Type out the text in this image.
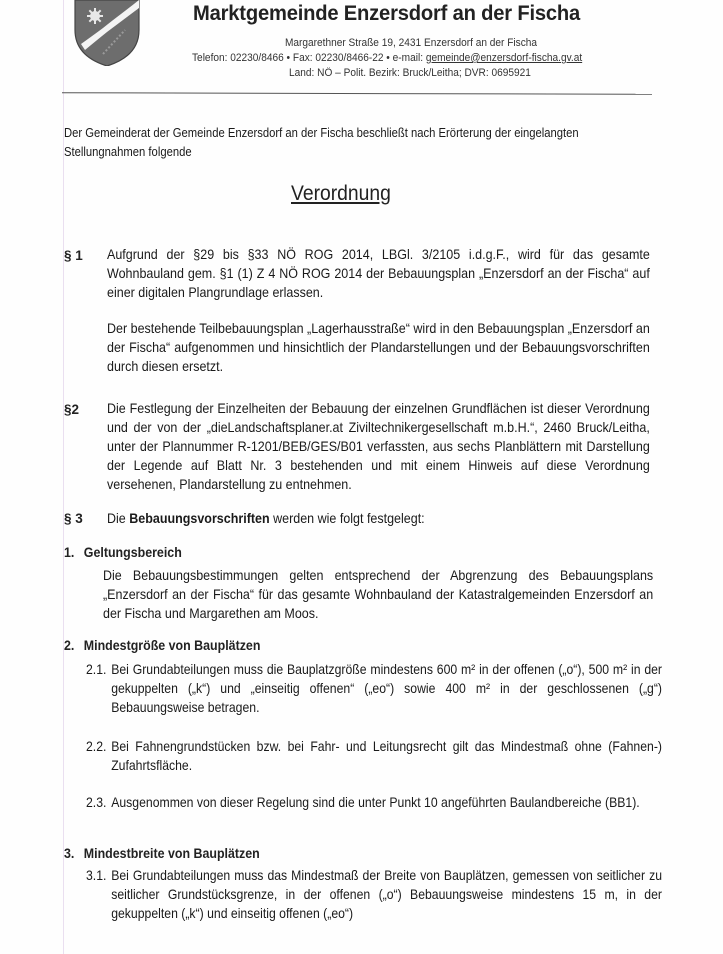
Marktgemeinde Enzersdorf an der Fischa
Margarethner Straße 19, 2431 Enzersdorf an der Fischa
Telefon: 02230/8466 • Fax: 02230/8466-22 • e-mail: gemeinde@enzersdorf-fischa.gv.at
Land: NÖ – Polit. Bezirk: Bruck/Leitha; DVR: 0695921
Der Gemeinderat der Gemeinde Enzersdorf an der Fischa beschließt nach Erörterung der eingelangten Stellungnahmen folgende
Verordnung
§ 1 Aufgrund der §29 bis §33 NÖ ROG 2014, LBGl. 3/2105 i.d.g.F., wird für das gesamte Wohnbauland gem. §1 (1) Z 4 NÖ ROG 2014 der Bebauungsplan „Enzersdorf an der Fischa“ auf einer digitalen Plangrundlage erlassen.
Der bestehende Teilbebauungsplan „Lagerhausstraße“ wird in den Bebauungsplan „Enzersdorf an der Fischa“ aufgenommen und hinsichtlich der Plandarstellungen und der Bebauungsvorschriften durch diesen ersetzt.
§2 Die Festlegung der Einzelheiten der Bebauung der einzelnen Grundflächen ist dieser Verordnung und der von der „dieLandschaftsplaner.at Ziviltechnikergesellschaft m.b.H.“, 2460 Bruck/Leitha, unter der Plannummer R-1201/BEB/GES/B01 verfassten, aus sechs Planblättern mit Darstellung der Legende auf Blatt Nr. 3 bestehenden und mit einem Hinweis auf diese Verordnung versehenen, Plandarstellung zu entnehmen.
§ 3 Die Bebauungsvorschriften werden wie folgt festgelegt:
1. Geltungsbereich
Die Bebauungsbestimmungen gelten entsprechend der Abgrenzung des Bebauungsplans „Enzersdorf an der Fischa“ für das gesamte Wohnbauland der Katastralgemeinden Enzersdorf an der Fischa und Margarethen am Moos.
2. Mindestgröße von Bauplätzen
2.1. Bei Grundabteilungen muss die Bauplatzgröße mindestens 600 m² in der offenen („o“), 500 m² in der gekuppelten („k“) und „einseitig offenen“ („eo“) sowie 400 m² in der geschlossenen („g“) Bebauungsweise betragen.
2.2. Bei Fahnengrundstücken bzw. bei Fahr- und Leitungsrecht gilt das Mindestmaß ohne (Fahnen-) Zufahrtsfläche.
2.3. Ausgenommen von dieser Regelung sind die unter Punkt 10 angeführten Baulandbereiche (BB1).
3. Mindestbreite von Bauplätzen
3.1. Bei Grundabteilungen muss das Mindestmaß der Breite von Bauplätzen, gemessen von seitlicher zu seitlicher Grundstücksgrenze, in der offenen („o“) Bebauungsweise mindestens 15 m, in der gekuppelten („k“) und einseitig offenen („eo“)
